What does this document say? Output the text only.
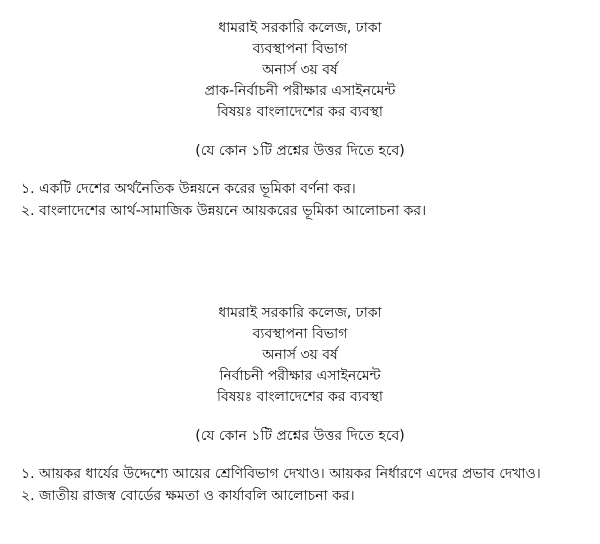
ধামরাই সরকারি কলেজ, ঢাকা
ব্যবস্থাপনা বিভাগ
অনার্স ৩য় বর্ষ
প্রাক-নির্বাচনী পরীক্ষার এসাইনমেন্ট
বিষয়ঃ বাংলাদেশের কর ব্যবস্থা
(যে কোন ১টি প্রশ্নের উত্তর দিতে হবে)
১. একটি দেশের অর্থনৈতিক উন্নয়নে করের ভূমিকা বর্ণনা কর।
২. বাংলাদেশের আর্থ-সামাজিক উন্নয়নে আয়করের ভূমিকা আলোচনা কর।
ধামরাই সরকারি কলেজ, ঢাকা
ব্যবস্থাপনা বিভাগ
অনার্স ৩য় বর্ষ
নির্বাচনী পরীক্ষার এসাইনমেন্ট
বিষয়ঃ বাংলাদেশের কর ব্যবস্থা
(যে কোন ১টি প্রশ্নের উত্তর দিতে হবে)
১. আয়কর ধার্যের উদ্দেশ্যে আয়ের শ্রেণিবিভাগ দেখাও। আয়কর নির্ধারণে এদের প্রভাব দেখাও।
২. জাতীয় রাজস্ব বোর্ডের ক্ষমতা ও কার্যাবলি আলোচনা কর।
